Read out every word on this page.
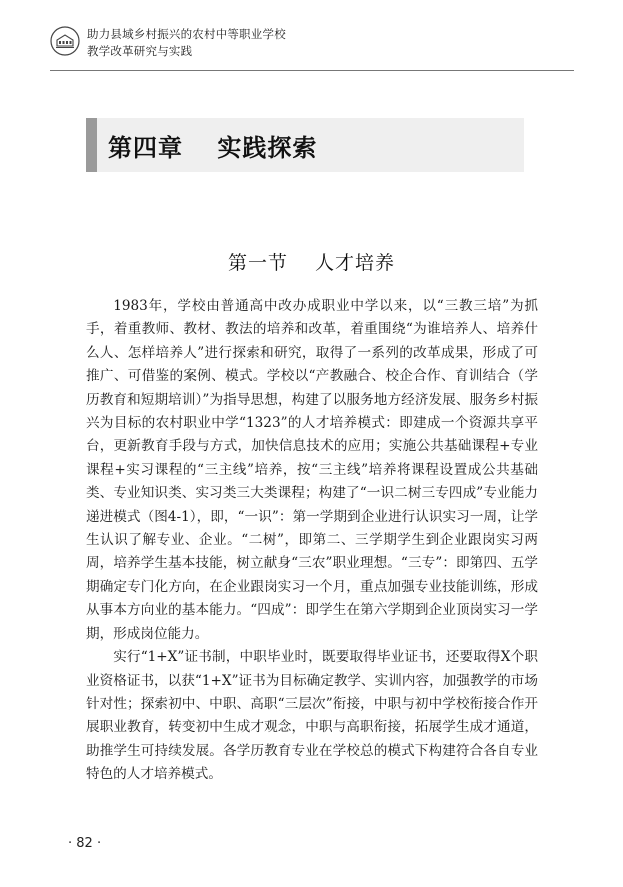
助力县域乡村振兴的农村中等职业学校
教学改革研究与实践
第四章　 实践探索
第一节　 人才培养

1983年，学校由普通高中改办成职业中学以来，以“三教三培”为抓手，着重教师、教材、教法的培养和改革，着重围绕“为谁培养人、培养什么人、怎样培养人”进行探索和研究，取得了一系列的改革成果，形成了可推广、可借鉴的案例、模式。学校以“产教融合、校企合作、育训结合（学历教育和短期培训）”为指导思想，构建了以服务地方经济发展、服务乡村振兴为目标的农村职业中学“1323”的人才培养模式：即建成一个资源共享平台，更新教育手段与方式，加快信息技术的应用；实施公共基础课程+专业课程+实习课程的“三主线”培养，按“三主线”培养将课程设置成公共基础类、专业知识类、实习类三大类课程；构建了“一识二树三专四成”专业能力递进模式（图4-1），即，“一识”：第一学期到企业进行认识实习一周，让学生认识了解专业、企业。“二树”，即第二、三学期学生到企业跟岗实习两周，培养学生基本技能，树立献身“三农”职业理想。“三专”：即第四、五学期确定专门化方向，在企业跟岗实习一个月，重点加强专业技能训练，形成从事本方向业的基本能力。“四成”：即学生在第六学期到企业顶岗实习一学期，形成岗位能力。

实行“1+X”证书制，中职毕业时，既要取得毕业证书，还要取得X个职业资格证书，以获“1+X”证书为目标确定教学、实训内容，加强教学的市场针对性；探索初中、中职、高职“三层次”衔接，中职与初中学校衔接合作开展职业教育，转变初中生成才观念，中职与高职衔接，拓展学生成才通道，助推学生可持续发展。各学历教育专业在学校总的模式下构建符合各自专业特色的人才培养模式。

· 82 ·
